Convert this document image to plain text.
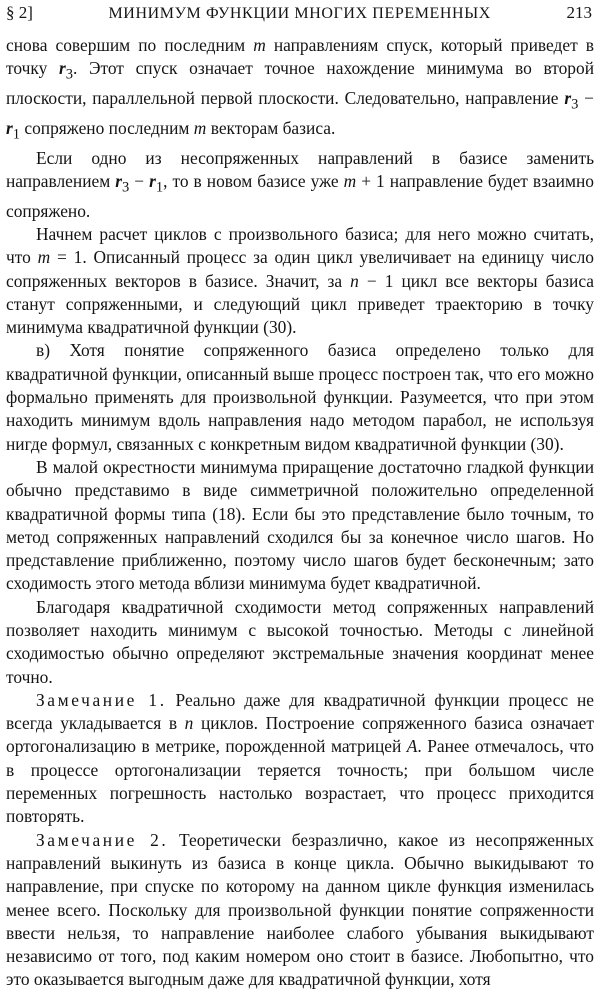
§ 2]	МИНИМУМ ФУНКЦИИ МНОГИХ ПЕРЕМЕННЫХ	213

снова совершим по последним m направлениям спуск, который приведет в точку $r_3$. Этот спуск означает точное нахождение минимума во второй плоскости, параллельной первой плоскости. Следовательно, направление $r_3 - r_1$ сопряжено последним m векторам базиса.

Если одно из несопряженных направлений в базисе заменить направлением $r_3 - r_1$, то в новом базисе уже m + 1 направление будет взаимно сопряжено.

Начнем расчет циклов с произвольного базиса; для него можно считать, что m = 1. Описанный процесс за один цикл увеличивает на единицу число сопряженных векторов в базисе. Значит, за n − 1 цикл все векторы базиса станут сопряженными, и следующий цикл приведет траекторию в точку минимума квадратичной функции (30).

в) Хотя понятие сопряженного базиса определено только для квадратичной функции, описанный выше процесс построен так, что его можно формально применять для произвольной функции. Разумеется, что при этом находить минимум вдоль направления надо методом парабол, не используя нигде формул, связанных с конкретным видом квадратичной функции (30).

В малой окрестности минимума приращение достаточно гладкой функции обычно представимо в виде симметричной положительно определенной квадратичной формы типа (18). Если бы это представление было точным, то метод сопряженных направлений сходился бы за конечное число шагов. Но представление приближенно, поэтому число шагов будет бесконечным; зато сходимость этого метода вблизи минимума будет квадратичной.

Благодаря квадратичной сходимости метод сопряженных направлений позволяет находить минимум с высокой точностью. Методы с линейной сходимостью обычно определяют экстремальные значения координат менее точно.

Замечание 1. Реально даже для квадратичной функции процесс не всегда укладывается в n циклов. Построение сопряженного базиса означает ортогонализацию в метрике, порожденной матрицей A. Ранее отмечалось, что в процессе ортогонализации теряется точность; при большом числе переменных погрешность настолько возрастает, что процесс приходится повторять.

Замечание 2. Теоретически безразлично, какое из несопряженных направлений выкинуть из базиса в конце цикла. Обычно выкидывают то направление, при спуске по которому на данном цикле функция изменилась менее всего. Поскольку для произвольной функции понятие сопряженности ввести нельзя, то направление наиболее слабого убывания выкидывают независимо от того, под каким номером оно стоит в базисе. Любопытно, что это оказывается выгодным даже для квадратичной функции, хотя
